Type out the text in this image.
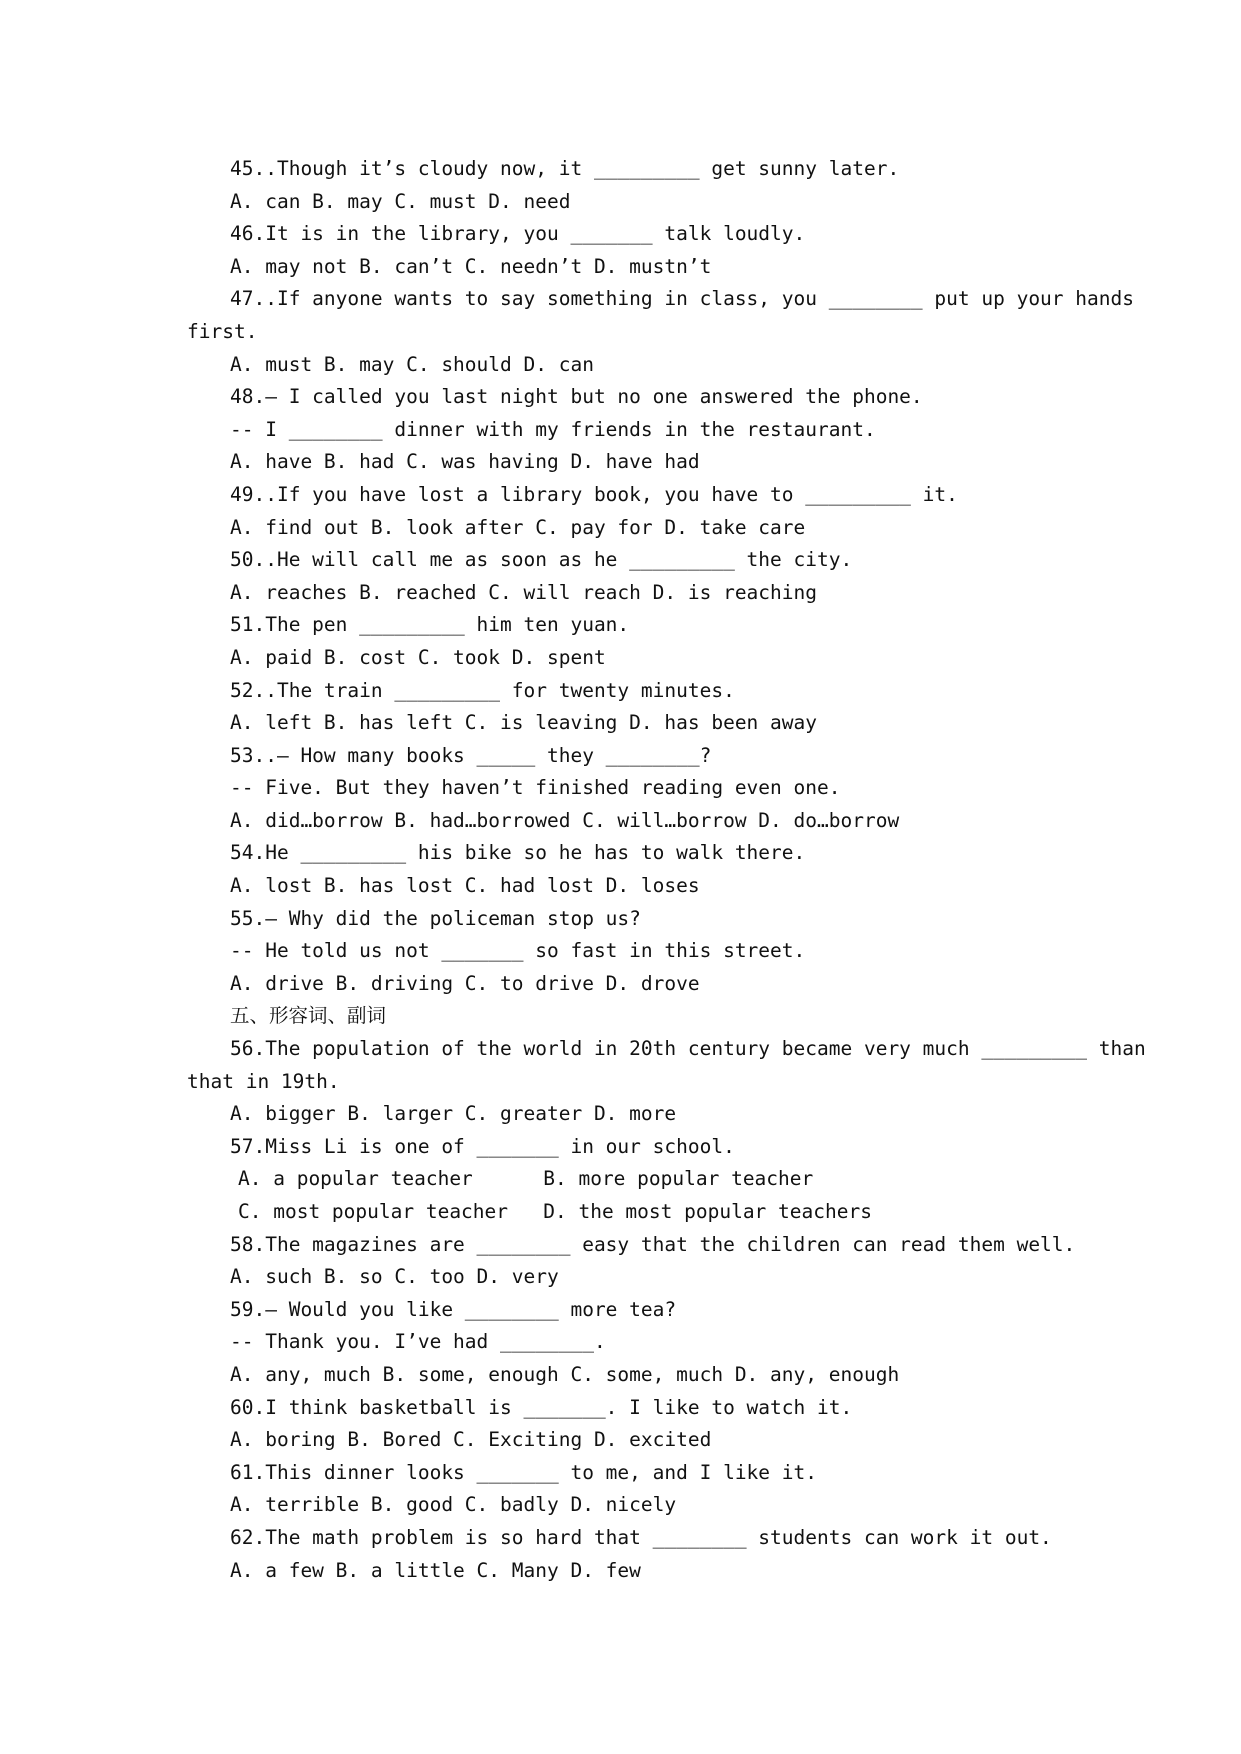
45..Though it’s cloudy now, it _________ get sunny later.
A. can B. may C. must D. need
46.It is in the library, you _______ talk loudly.
A. may not B. can’t C. needn’t D. mustn’t
47..If anyone wants to say something in class, you ________ put up your hands
first.
A. must B. may C. should D. can
48.– I called you last night but no one answered the phone.
-- I ________ dinner with my friends in the restaurant.
A. have B. had C. was having D. have had
49..If you have lost a library book, you have to _________ it.
A. find out B. look after C. pay for D. take care
50..He will call me as soon as he _________ the city.
A. reaches B. reached C. will reach D. is reaching
51.The pen _________ him ten yuan.
A. paid B. cost C. took D. spent
52..The train _________ for twenty minutes.
A. left B. has left C. is leaving D. has been away
53..– How many books _____ they ________?
-- Five. But they haven’t finished reading even one.
A. did…borrow B. had…borrowed C. will…borrow D. do…borrow
54.He _________ his bike so he has to walk there.
A. lost B. has lost C. had lost D. loses
55.– Why did the policeman stop us?
-- He told us not _______ so fast in this street.
A. drive B. driving C. to drive D. drove
五、形容词、副词
56.The population of the world in 20th century became very much _________ than
that in 19th.
A. bigger B. larger C. greater D. more
57.Miss Li is one of _______ in our school.
A. a popular teacher      B. more popular teacher
C. most popular teacher   D. the most popular teachers
58.The magazines are ________ easy that the children can read them well.
A. such B. so C. too D. very
59.– Would you like ________ more tea?
-- Thank you. I’ve had ________.
A. any, much B. some, enough C. some, much D. any, enough
60.I think basketball is _______. I like to watch it.
A. boring B. Bored C. Exciting D. excited
61.This dinner looks _______ to me, and I like it.
A. terrible B. good C. badly D. nicely
62.The math problem is so hard that ________ students can work it out.
A. a few B. a little C. Many D. few
